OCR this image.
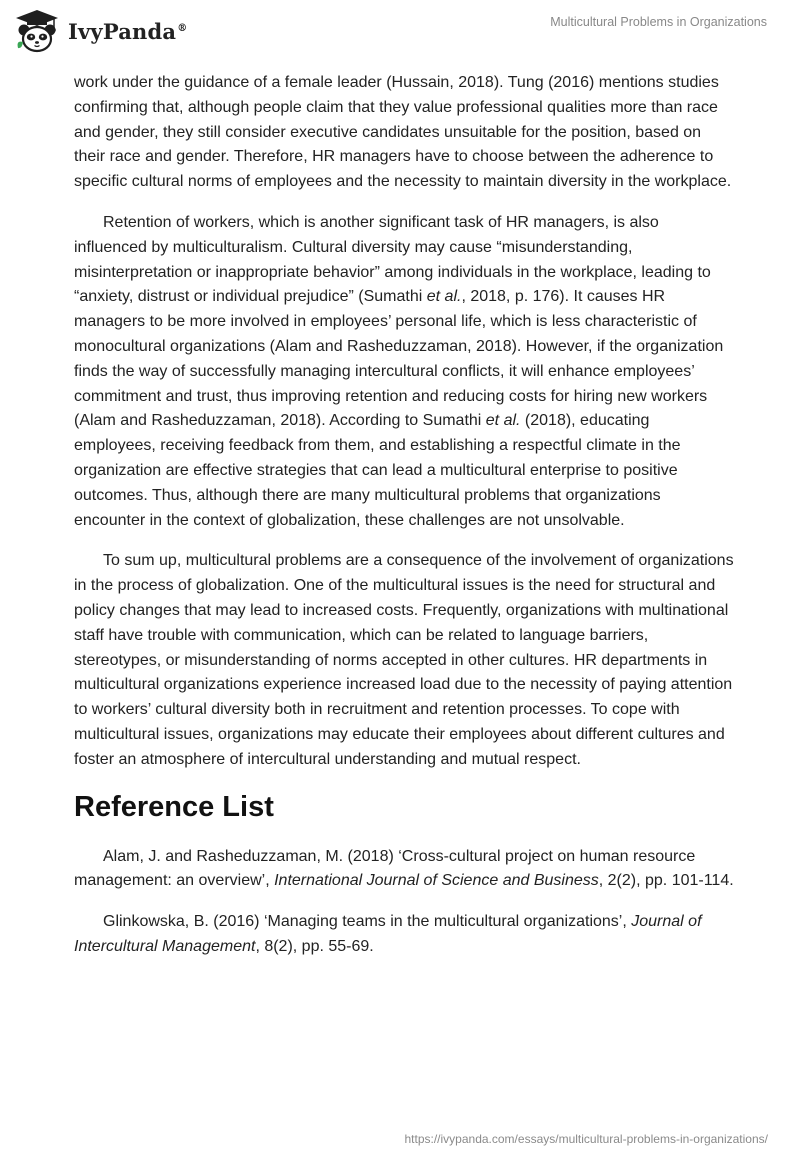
IvyPanda®	Multicultural Problems in Organizations

work under the guidance of a female leader (Hussain, 2018). Tung (2016) mentions studies confirming that, although people claim that they value professional qualities more than race and gender, they still consider executive candidates unsuitable for the position, based on their race and gender. Therefore, HR managers have to choose between the adherence to specific cultural norms of employees and the necessity to maintain diversity in the workplace.

Retention of workers, which is another significant task of HR managers, is also influenced by multiculturalism. Cultural diversity may cause “misunderstanding, misinterpretation or inappropriate behavior” among individuals in the workplace, leading to “anxiety, distrust or individual prejudice” (Sumathi et al., 2018, p. 176). It causes HR managers to be more involved in employees’ personal life, which is less characteristic of monocultural organizations (Alam and Rasheduzzaman, 2018). However, if the organization finds the way of successfully managing intercultural conflicts, it will enhance employees’ commitment and trust, thus improving retention and reducing costs for hiring new workers (Alam and Rasheduzzaman, 2018). According to Sumathi et al. (2018), educating employees, receiving feedback from them, and establishing a respectful climate in the organization are effective strategies that can lead a multicultural enterprise to positive outcomes. Thus, although there are many multicultural problems that organizations encounter in the context of globalization, these challenges are not unsolvable.

To sum up, multicultural problems are a consequence of the involvement of organizations in the process of globalization. One of the multicultural issues is the need for structural and policy changes that may lead to increased costs. Frequently, organizations with multinational staff have trouble with communication, which can be related to language barriers, stereotypes, or misunderstanding of norms accepted in other cultures. HR departments in multicultural organizations experience increased load due to the necessity of paying attention to workers’ cultural diversity both in recruitment and retention processes. To cope with multicultural issues, organizations may educate their employees about different cultures and foster an atmosphere of intercultural understanding and mutual respect.

Reference List

Alam, J. and Rasheduzzaman, M. (2018) ‘Cross-cultural project on human resource management: an overview’, International Journal of Science and Business, 2(2), pp. 101-114.

Glinkowska, B. (2016) ‘Managing teams in the multicultural organizations’, Journal of Intercultural Management, 8(2), pp. 55-69.

https://ivypanda.com/essays/multicultural-problems-in-organizations/
